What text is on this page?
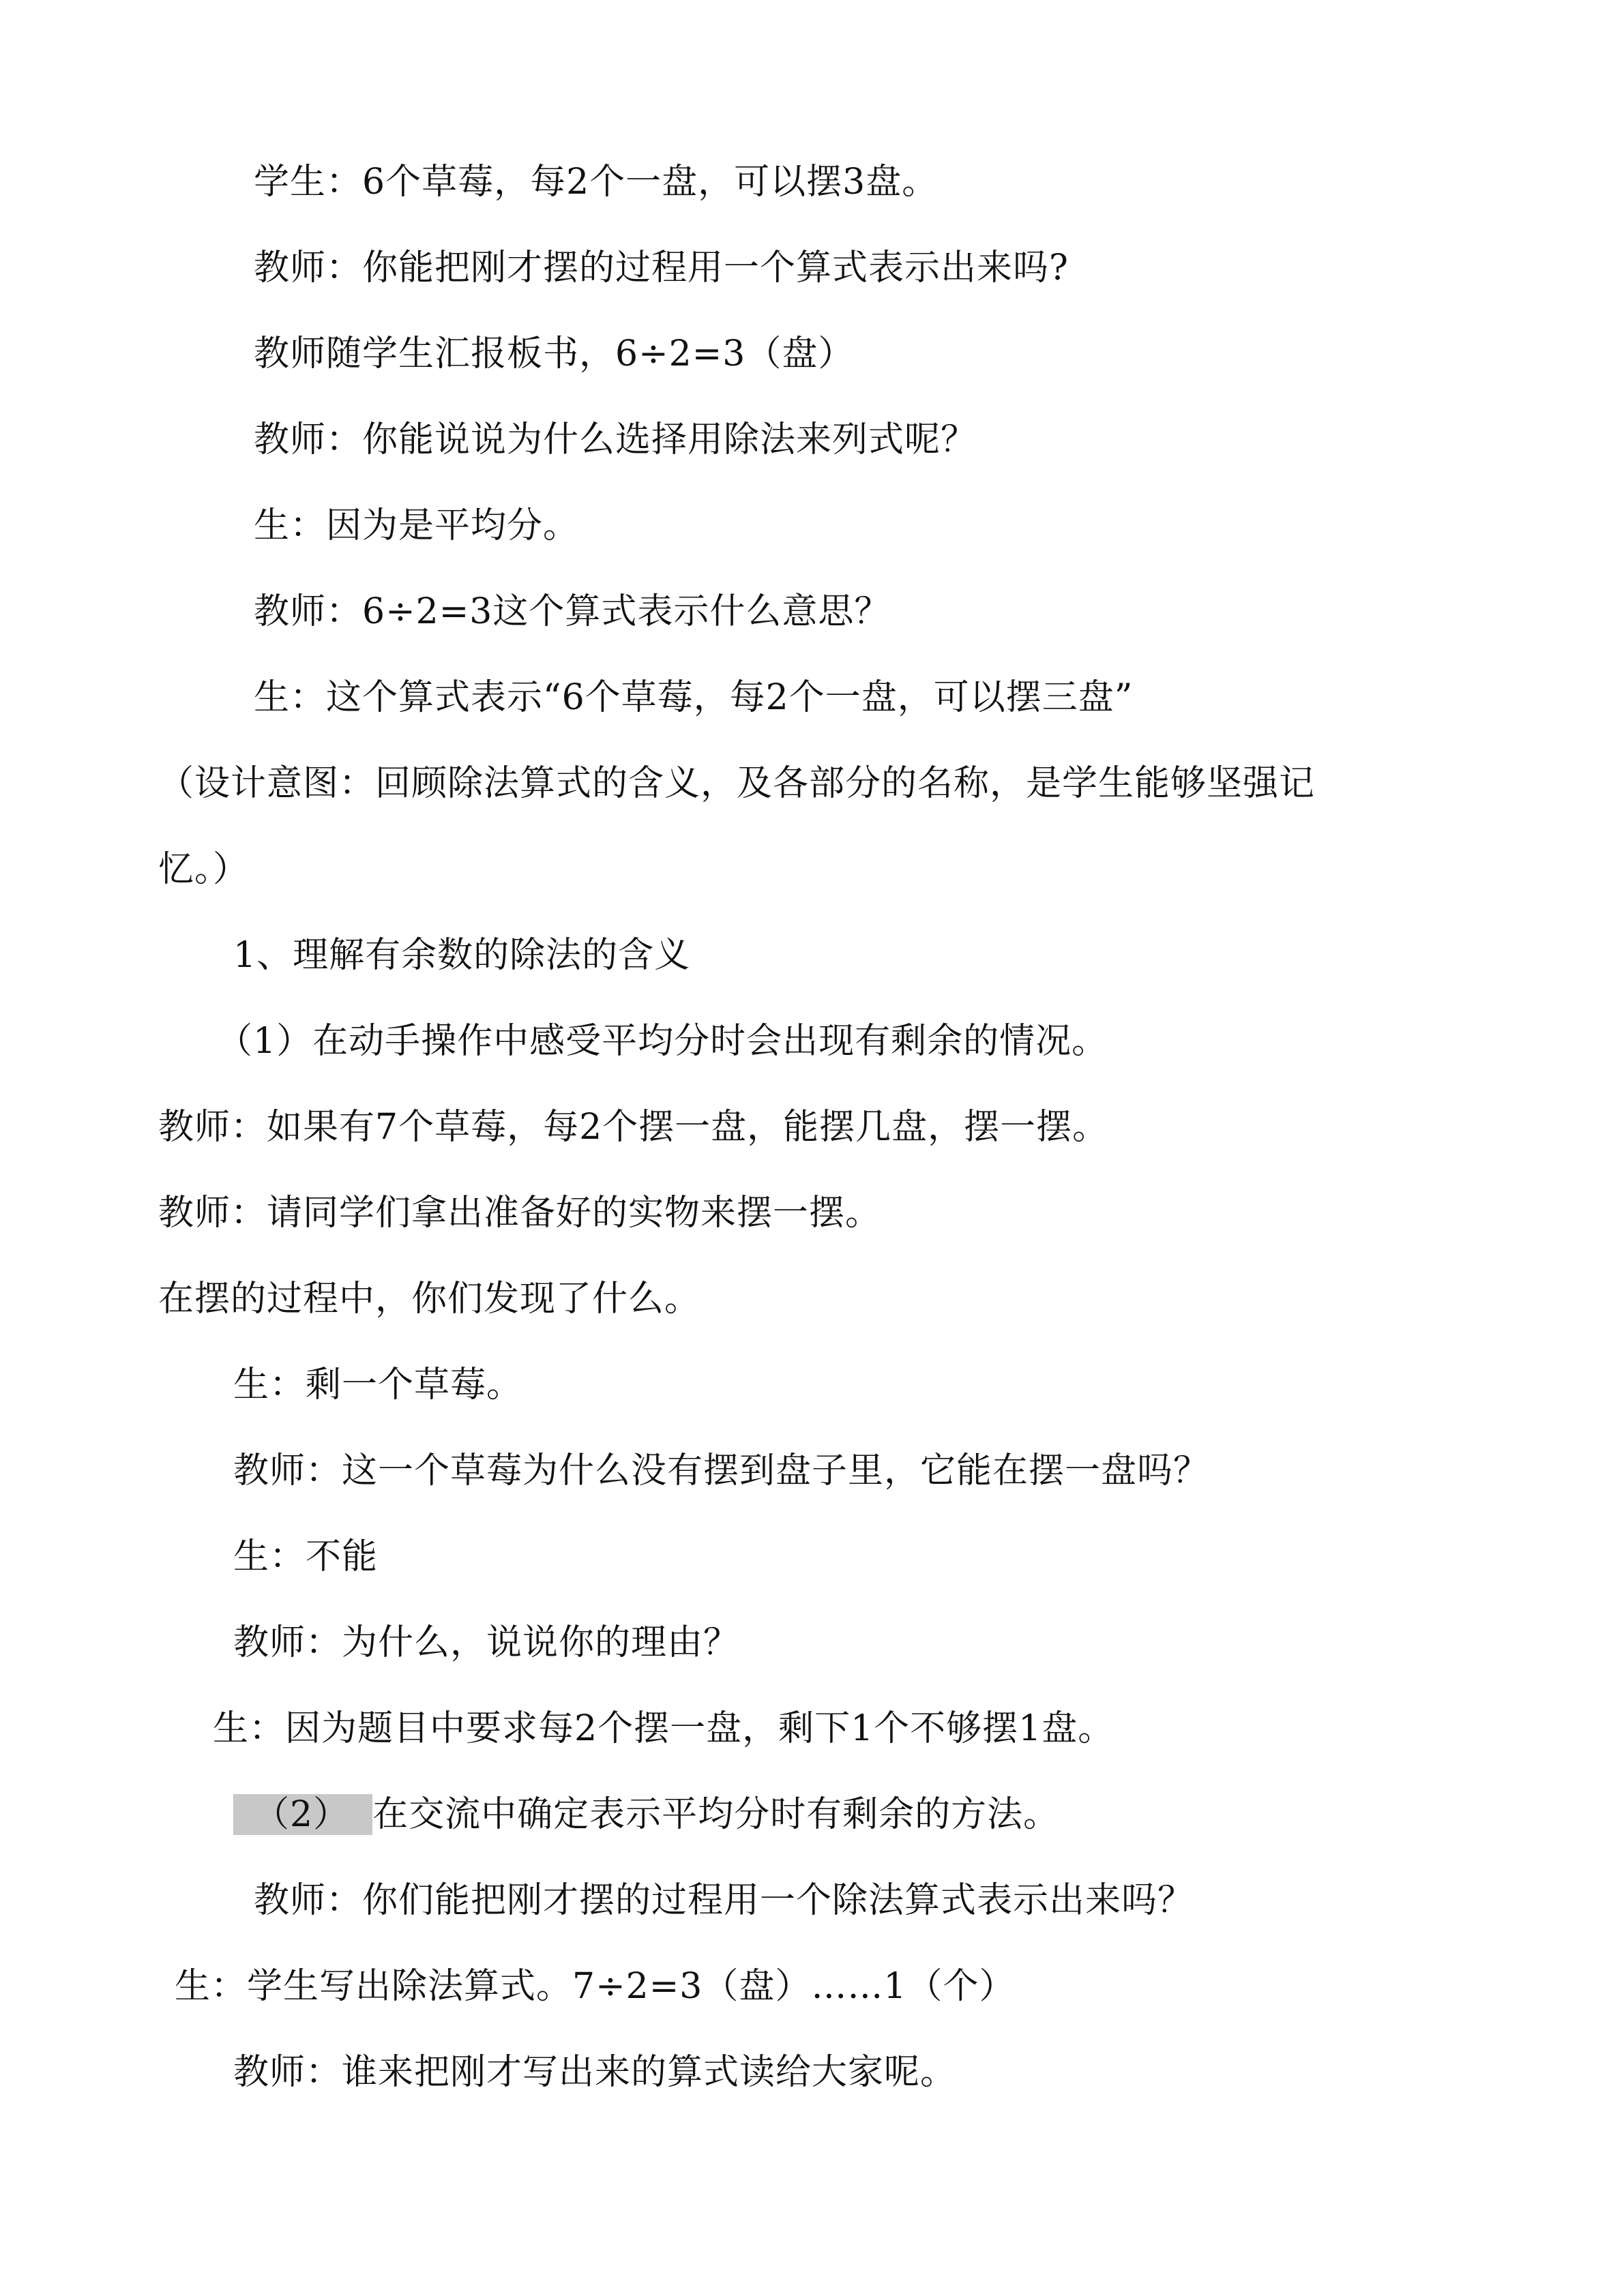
学生：6个草莓，每2个一盘，可以摆3盘。
教师：你能把刚才摆的过程用一个算式表示出来吗?
教师随学生汇报板书，6÷2=3（盘）
教师：你能说说为什么选择用除法来列式呢？
生：因为是平均分。
教师：6÷2=3这个算式表示什么意思？
生：这个算式表示“6个草莓，每2个一盘，可以摆三盘”
（设计意图：回顾除法算式的含义，及各部分的名称，是学生能够坚强记
忆。）
1、理解有余数的除法的含义
（1）在动手操作中感受平均分时会出现有剩余的情况。
教师：如果有7个草莓，每2个摆一盘，能摆几盘，摆一摆。
教师：请同学们拿出准备好的实物来摆一摆。
在摆的过程中，你们发现了什么。
生：剩一个草莓。
教师：这一个草莓为什么没有摆到盘子里，它能在摆一盘吗？
生：不能
教师：为什么，说说你的理由？
生：因为题目中要求每2个摆一盘，剩下1个不够摆1盘。
（2） 在交流中确定表示平均分时有剩余的方法。
教师：你们能把刚才摆的过程用一个除法算式表示出来吗？
生：学生写出除法算式。7÷2=3（盘）……1（个）
教师：谁来把刚才写出来的算式读给大家呢。
